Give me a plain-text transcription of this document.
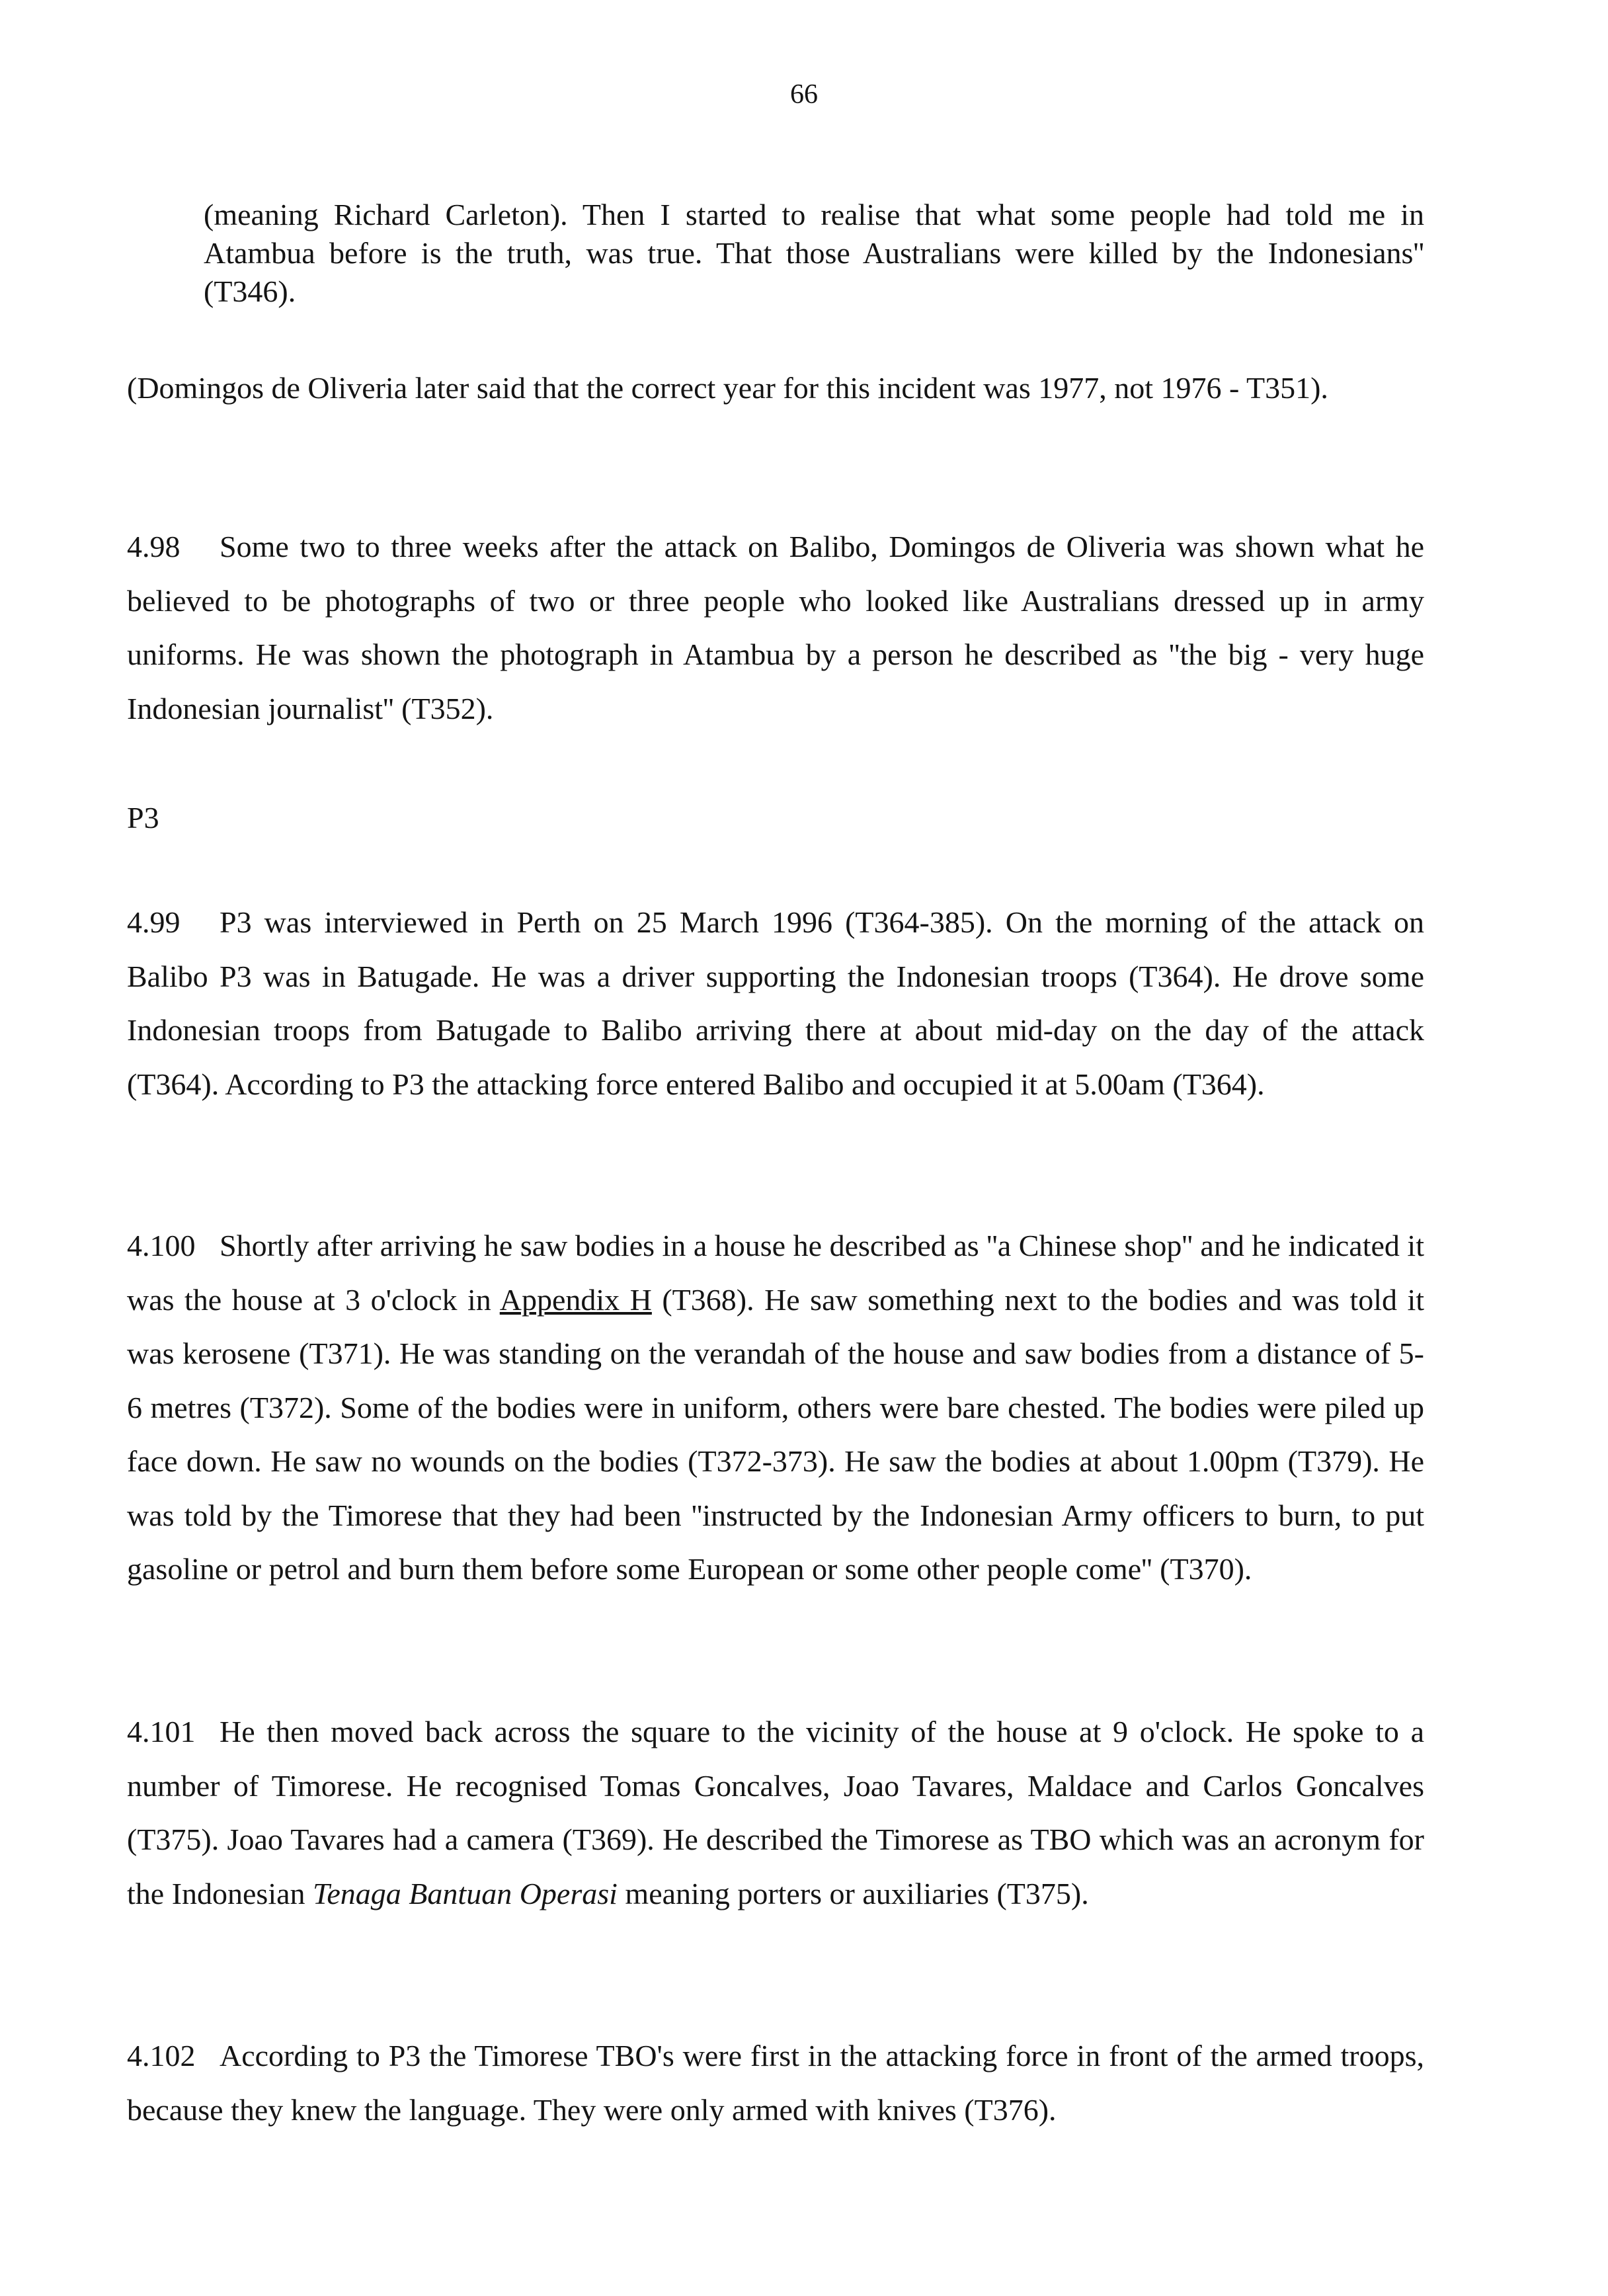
66

(meaning Richard Carleton). Then I started to realise that what some people had told me in Atambua before is the truth, was true. That those Australians were killed by the Indonesians'' (T346).

(Domingos de Oliveria later said that the correct year for this incident was 1977, not 1976 - T351).

4.98 Some two to three weeks after the attack on Balibo, Domingos de Oliveria was shown what he believed to be photographs of two or three people who looked like Australians dressed up in army uniforms. He was shown the photograph in Atambua by a person he described as ''the big - very huge Indonesian journalist'' (T352).

P3

4.99 P3 was interviewed in Perth on 25 March 1996 (T364-385). On the morning of the attack on Balibo P3 was in Batugade. He was a driver supporting the Indonesian troops (T364). He drove some Indonesian troops from Batugade to Balibo arriving there at about mid-day on the day of the attack (T364). According to P3 the attacking force entered Balibo and occupied it at 5.00am (T364).

4.100 Shortly after arriving he saw bodies in a house he described as ''a Chinese shop'' and he indicated it was the house at 3 o'clock in Appendix H (T368). He saw something next to the bodies and was told it was kerosene (T371). He was standing on the verandah of the house and saw bodies from a distance of 5-6 metres (T372). Some of the bodies were in uniform, others were bare chested. The bodies were piled up face down. He saw no wounds on the bodies (T372-373). He saw the bodies at about 1.00pm (T379). He was told by the Timorese that they had been ''instructed by the Indonesian Army officers to burn, to put gasoline or petrol and burn them before some European or some other people come'' (T370).

4.101 He then moved back across the square to the vicinity of the house at 9 o'clock. He spoke to a number of Timorese. He recognised Tomas Goncalves, Joao Tavares, Maldace and Carlos Goncalves (T375). Joao Tavares had a camera (T369). He described the Timorese as TBO which was an acronym for the Indonesian Tenaga Bantuan Operasi meaning porters or auxiliaries (T375).

4.102 According to P3 the Timorese TBO's were first in the attacking force in front of the armed troops, because they knew the language. They were only armed with knives (T376).
